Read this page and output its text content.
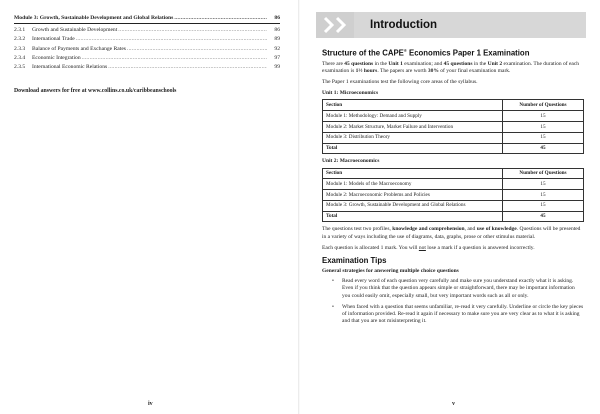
Module 3: Growth, Sustainable Development and Global Relations .....	86
2.3.1	Growth and Sustainable Development .....	86
2.3.2	International Trade .....	89
2.3.3	Balance of Payments and Exchange Rates .....	92
2.3.4	Economic Integration .....	97
2.3.5	International Economic Relations .....	99
Download answers for free at www.collins.co.uk/caribbeanschools
iv
Introduction
Structure of the CAPE® Economics Paper 1 Examination

There are 45 questions in the Unit 1 examination; and 45 questions in the Unit 2 examination. The duration of each examination is 1½ hours. The papers are worth 30% of your final examination mark.

The Paper 1 examinations test the following core areas of the syllabus.

Unit 1: Microeconomics
Section	Number of Questions
Module 1: Methodology: Demand and Supply	15
Module 2: Market Structure, Market Failure and Intervention	15
Module 3: Distribution Theory	15
Total	45
Unit 2: Macroeconomics
Section	Number of Questions
Module 1: Models of the Macroeconomy	15
Module 2: Macroeconomic Problems and Policies	15
Module 3: Growth, Sustainable Development and Global Relations	15
Total	45

The questions test two profiles, knowledge and comprehension, and use of knowledge. Questions will be presented in a variety of ways including the use of diagrams, data, graphs, prose or other stimulus material.

Each question is allocated 1 mark. You will not lose a mark if a question is answered incorrectly.

Examination Tips
General strategies for answering multiple choice questions
• Read every word of each question very carefully and make sure you understand exactly what it is asking. Even if you think that the question appears simple or straightforward, there may be important information you could easily omit, especially small, but very important words such as all or only.
• When faced with a question that seems unfamiliar, re-read it very carefully. Underline or circle the key pieces of information provided. Re-read it again if necessary to make sure you are very clear as to what it is asking and that you are not misinterpreting it.
v
